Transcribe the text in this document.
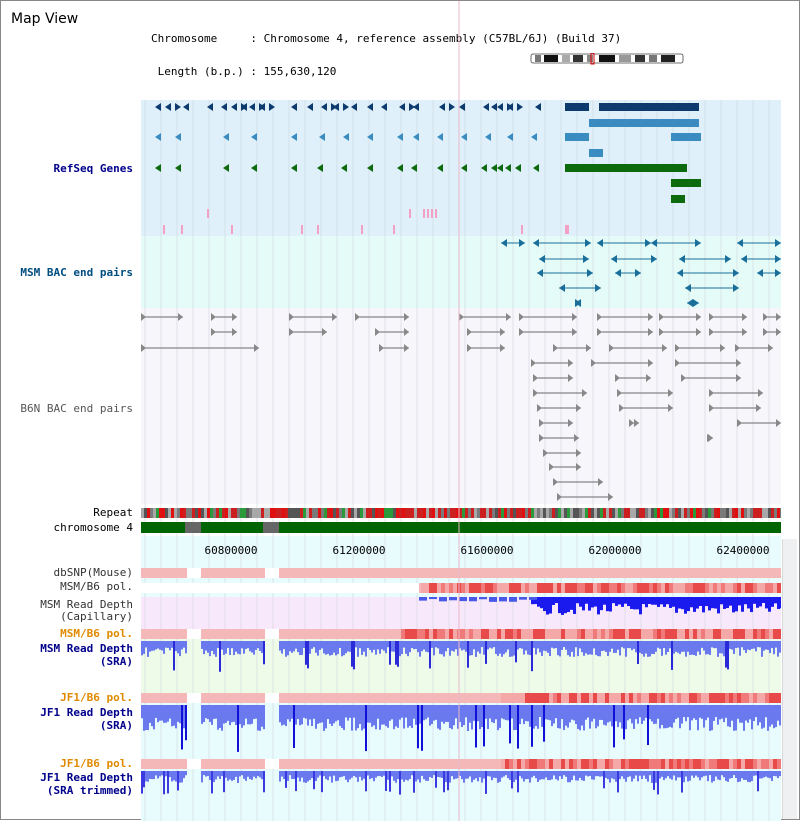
Map View

Chromosome     : Chromosome 4, reference assembly (C57BL/6J) (Build 37)

Length (b.p.) : 155,630,120

RefSeq Genes
MSM BAC end pairs
B6N BAC end pairs
Repeat
chromosome 4
dbSNP(Mouse)
MSM/B6 pol.
MSM Read Depth
(Capillary)
MSM/B6 pol.
MSM Read Depth
(SRA)
JF1/B6 pol.
JF1 Read Depth
(SRA)
JF1/B6 pol.
JF1 Read Depth
(SRA trimmed)
60800000	61200000	61600000	62000000	62400000
